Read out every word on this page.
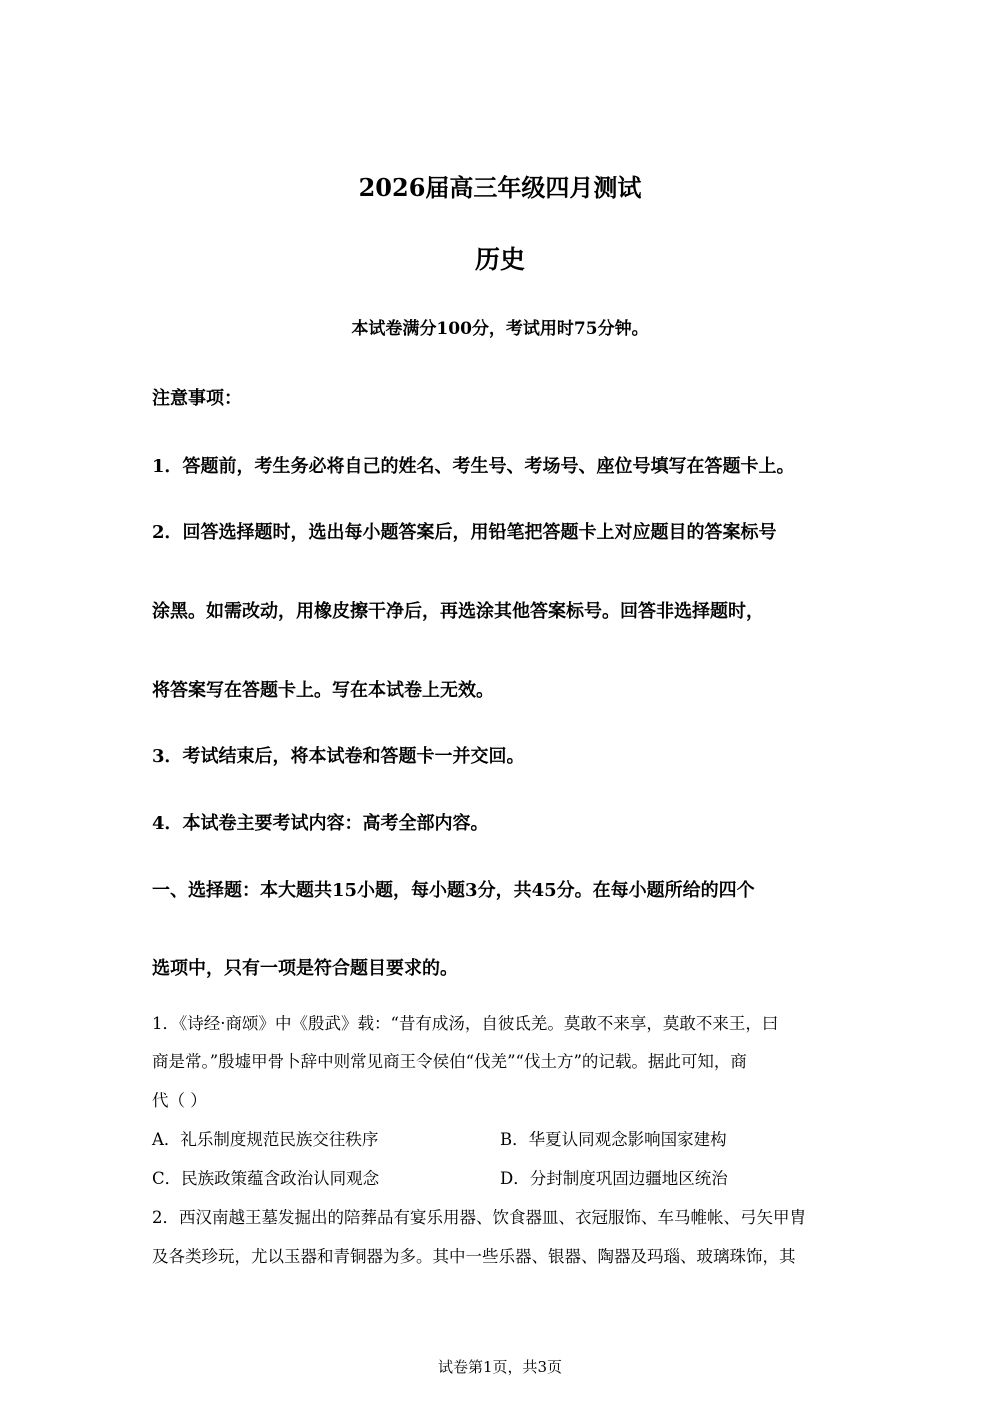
2026届高三年级四月测试
历史
本试卷满分100分，考试用时75分钟。
注意事项：
1．答题前，考生务必将自己的姓名、考生号、考场号、座位号填写在答题卡上。
2．回答选择题时，选出每小题答案后，用铅笔把答题卡上对应题目的答案标号
涂黑。如需改动，用橡皮擦干净后，再选涂其他答案标号。回答非选择题时，
将答案写在答题卡上。写在本试卷上无效。
3．考试结束后，将本试卷和答题卡一并交回。
4．本试卷主要考试内容：高考全部内容。
一、选择题：本大题共15小题，每小题3分，共45分。在每小题所给的四个
选项中，只有一项是符合题目要求的。
1．《诗经·商颂》中《殷武》载：“昔有成汤，自彼氐羌。莫敢不来享，莫敢不来王，曰
商是常。”殷墟甲骨卜辞中则常见商王令侯伯“伐羌”“伐土方”的记载。据此可知，商
代（ ）
A．礼乐制度规范民族交往秩序	B．华夏认同观念影响国家建构
C．民族政策蕴含政治认同观念	D．分封制度巩固边疆地区统治
2．西汉南越王墓发掘出的陪葬品有宴乐用器、饮食器皿、衣冠服饰、车马帷帐、弓矢甲胄
及各类珍玩，尤以玉器和青铜器为多。其中一些乐器、银器、陶器及玛瑙、玻璃珠饰，其
试卷第1页，共3页
